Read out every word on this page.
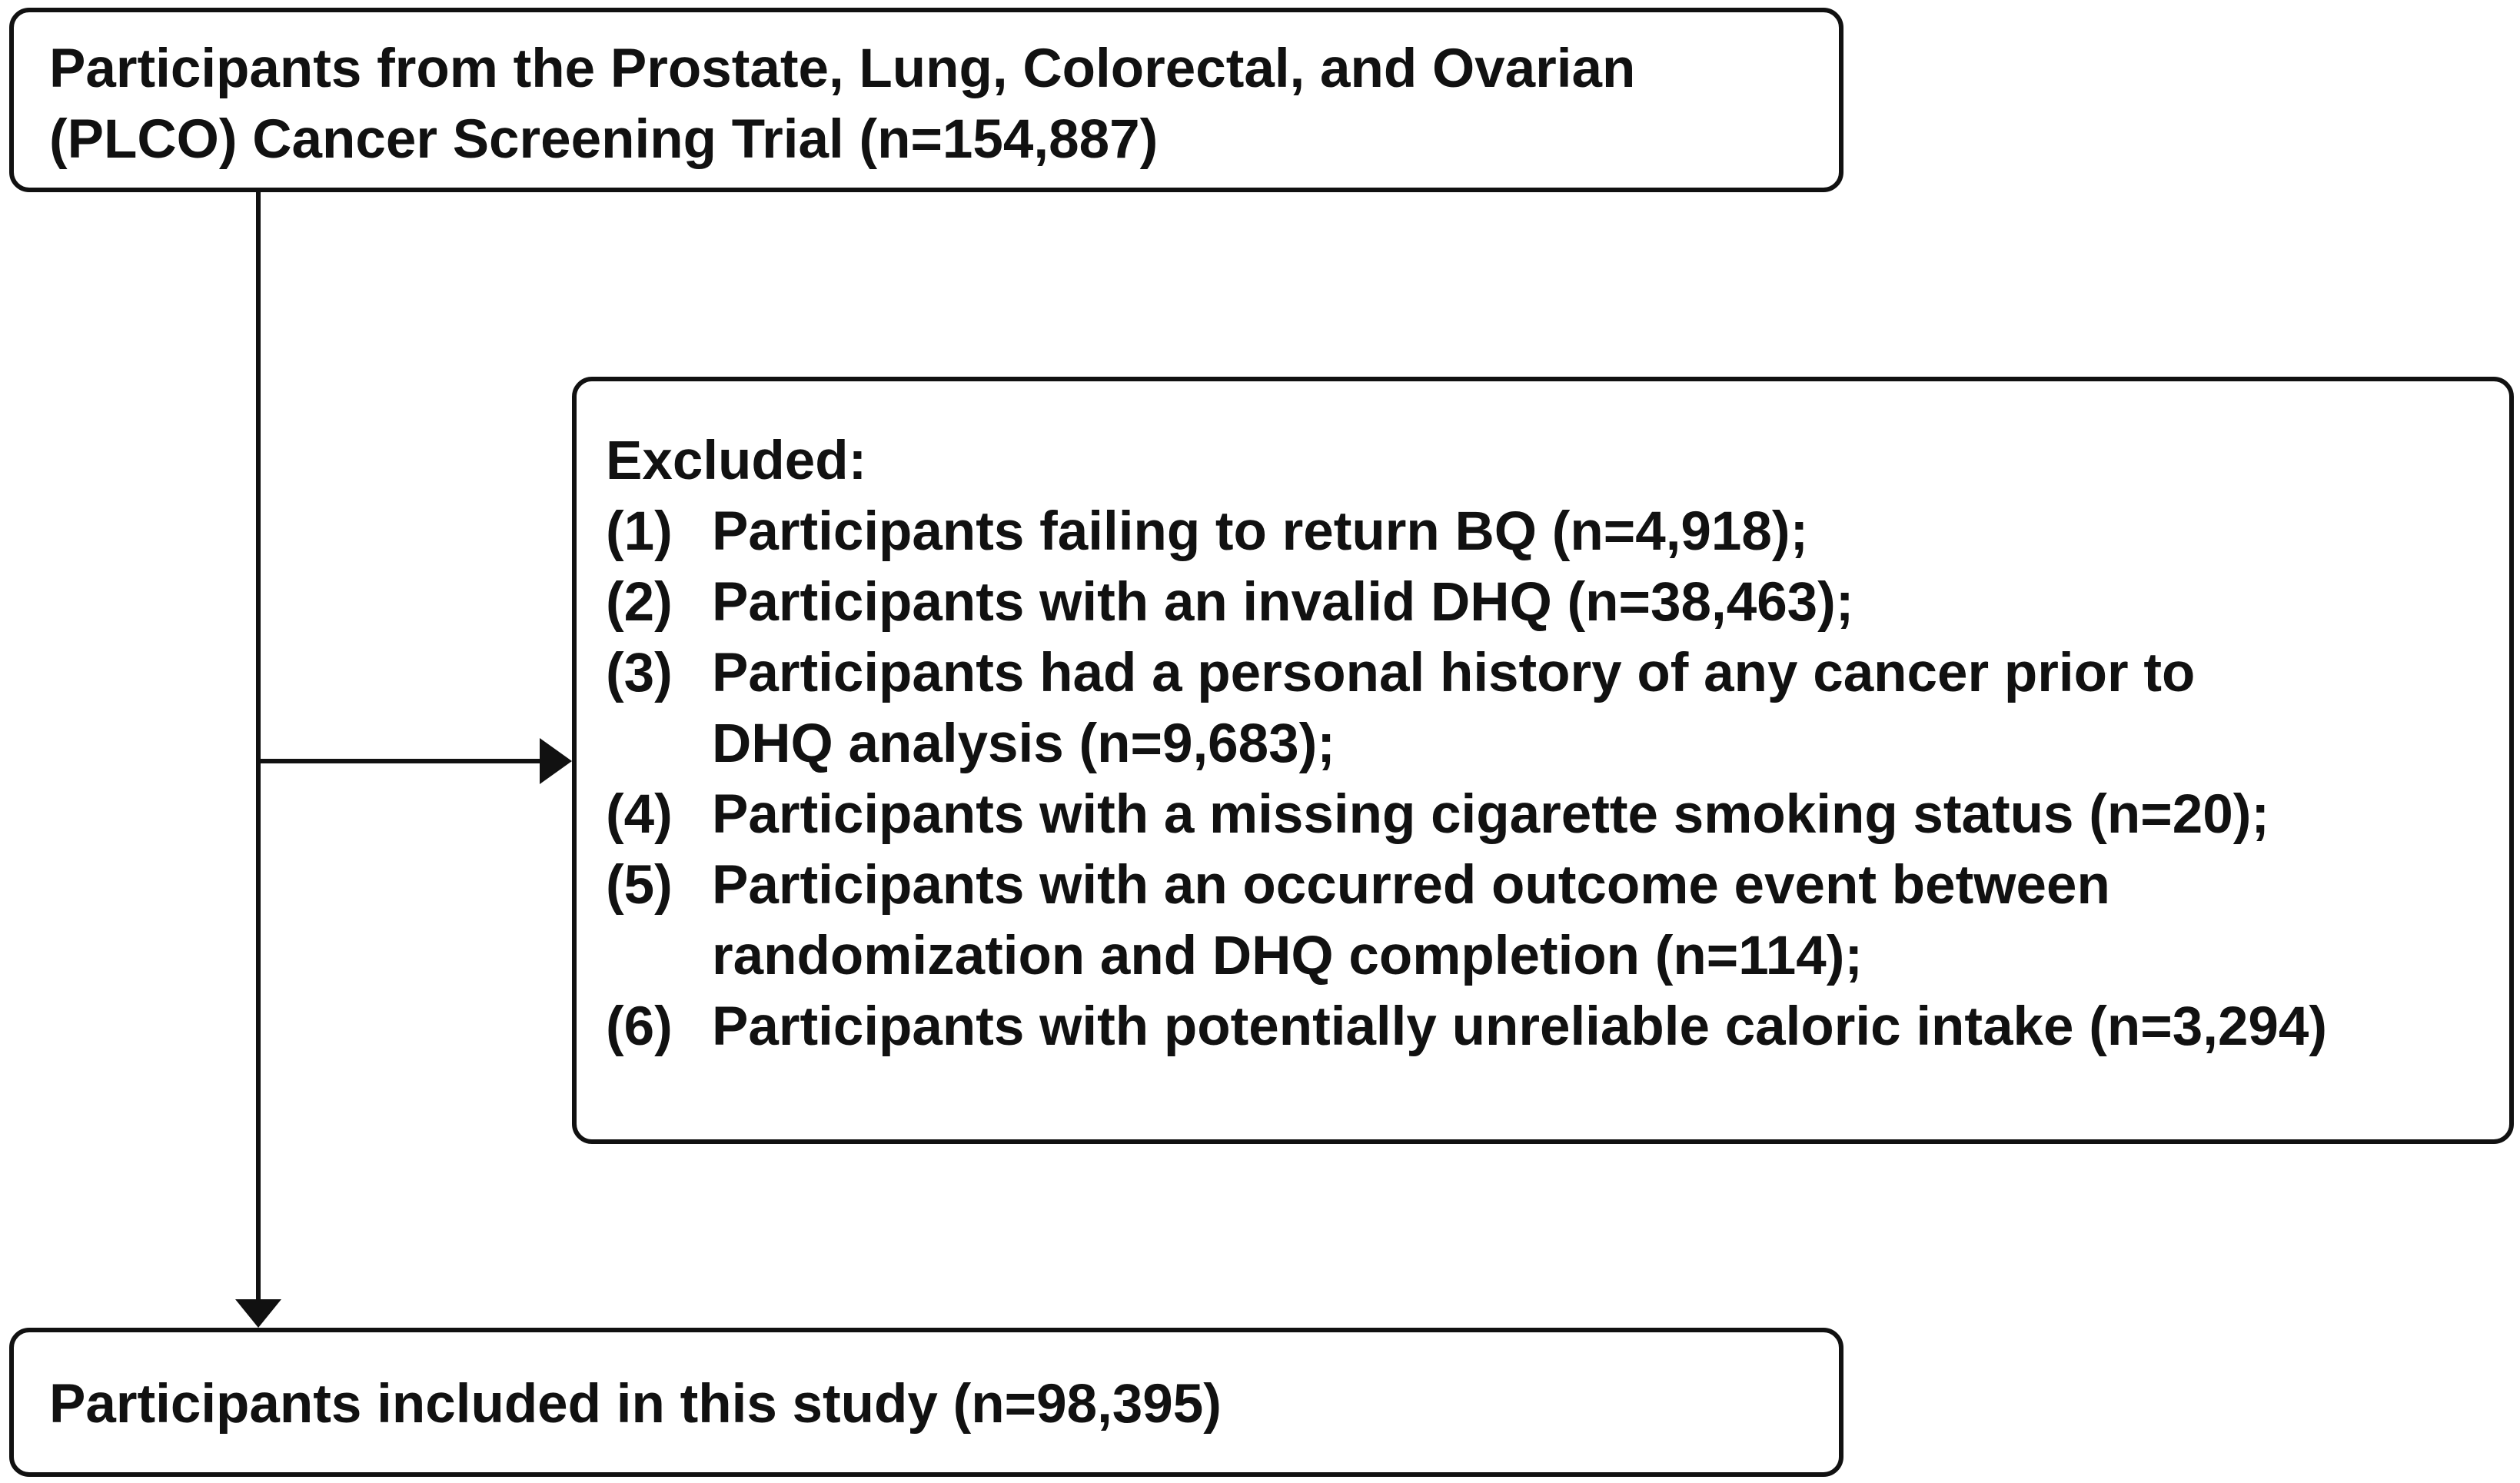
Participants from the Prostate, Lung, Colorectal, and Ovarian
(PLCO) Cancer Screening Trial (n=154,887)
Excluded:
(1) Participants failing to return BQ (n=4,918);
(2) Participants with an invalid DHQ (n=38,463);
(3) Participants had a personal history of any cancer prior to
DHQ analysis (n=9,683);
(4) Participants with a missing cigarette smoking status (n=20);
(5) Participants with an occurred outcome event between
randomization and DHQ completion (n=114);
(6) Participants with potentially unreliable caloric intake (n=3,294)
Participants included in this study (n=98,395)
